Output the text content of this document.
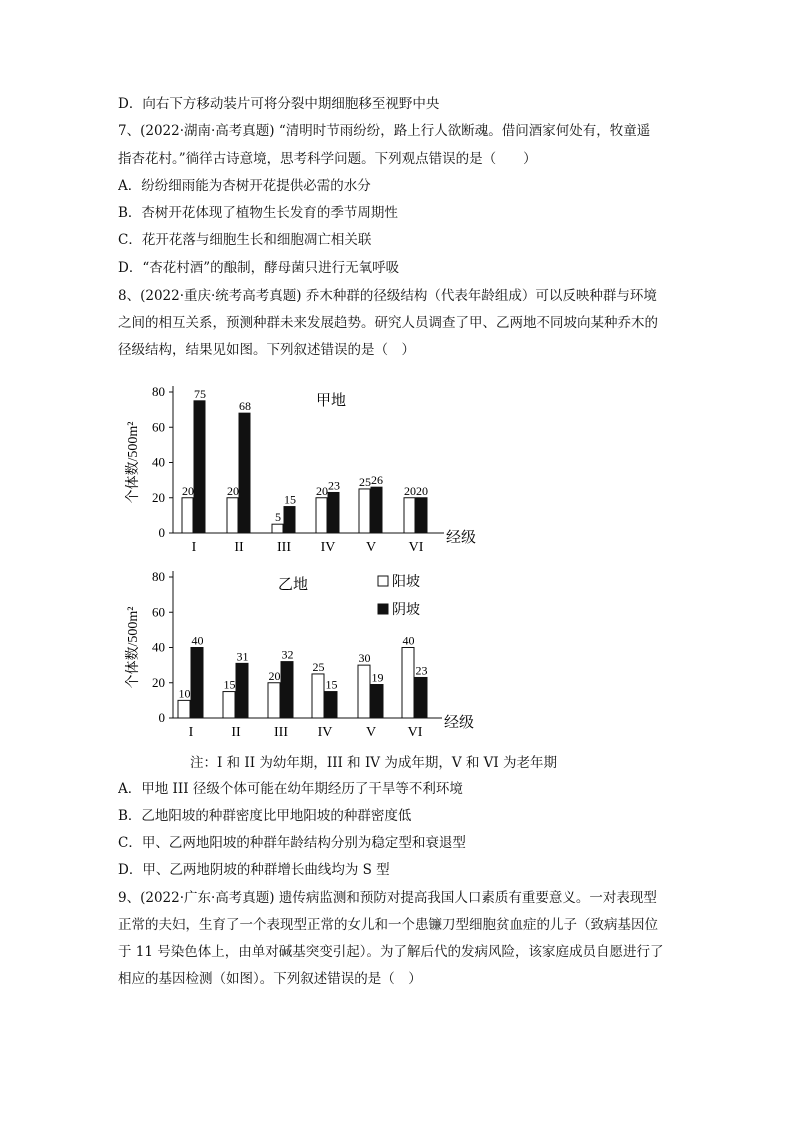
D．向右下方移动装片可将分裂中期细胞移至视野中央
7、(2022·湖南·高考真题) “清明时节雨纷纷，路上行人欲断魂。借问酒家何处有，牧童遥
指杏花村。”徜徉古诗意境，思考科学问题。下列观点错误的是（　　）
A．纷纷细雨能为杏树开花提供必需的水分
B．杏树开花体现了植物生长发育的季节周期性
C．花开花落与细胞生长和细胞凋亡相关联
D．“杏花村酒”的酿制，酵母菌只进行无氧呼吸
8、(2022·重庆·统考高考真题) 乔木种群的径级结构（代表年龄组成）可以反映种群与环境
之间的相互关系，预测种群未来发展趋势。研究人员调查了甲、乙两地不同坡向某种乔木的
径级结构，结果见如图。下列叙述错误的是（　）
0
20
40
60
80
个体数/500m²
甲地
20
75
I
20
68
II
5
15
III
20 23
IV
25 26
V
20 20
VI
经级
0
20
40
60
80
个体数/500m²
乙地
10
40
I
15
31
II
20
32
III
25
15
IV
30
19
V
40
23
VI
经级
阳坡
阴坡
注：I 和 II 为幼年期，III 和 IV 为成年期，V 和 VI 为老年期
A．甲地 III 径级个体可能在幼年期经历了干旱等不利环境
B．乙地阳坡的种群密度比甲地阳坡的种群密度低
C．甲、乙两地阳坡的种群年龄结构分别为稳定型和衰退型
D．甲、乙两地阴坡的种群增长曲线均为 S 型
9、(2022·广东·高考真题) 遗传病监测和预防对提高我国人口素质有重要意义。一对表现型
正常的夫妇，生育了一个表现型正常的女儿和一个患镰刀型细胞贫血症的儿子（致病基因位
于 11 号染色体上，由单对碱基突变引起）。为了解后代的发病风险，该家庭成员自愿进行了
相应的基因检测（如图）。下列叙述错误的是（　）
